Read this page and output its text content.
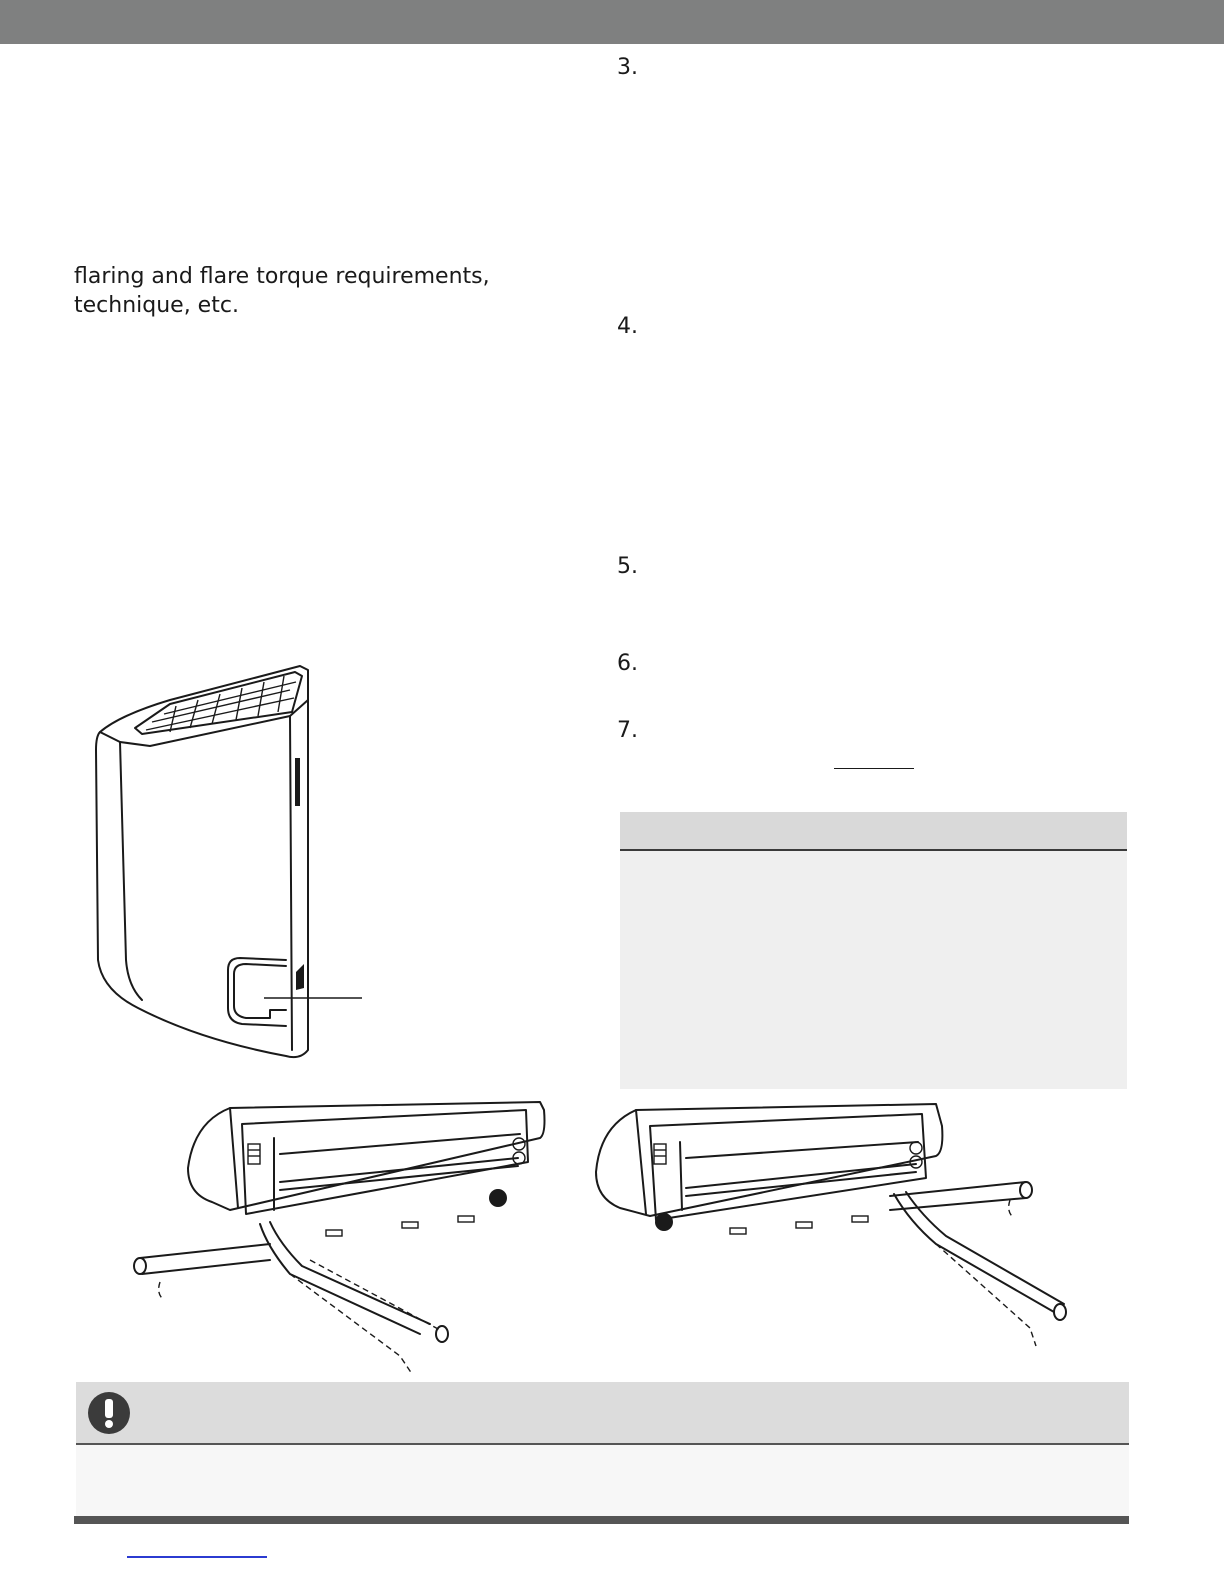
flaring and flare torque requirements,
technique, etc.

3.
4.
5.
6.
7.
